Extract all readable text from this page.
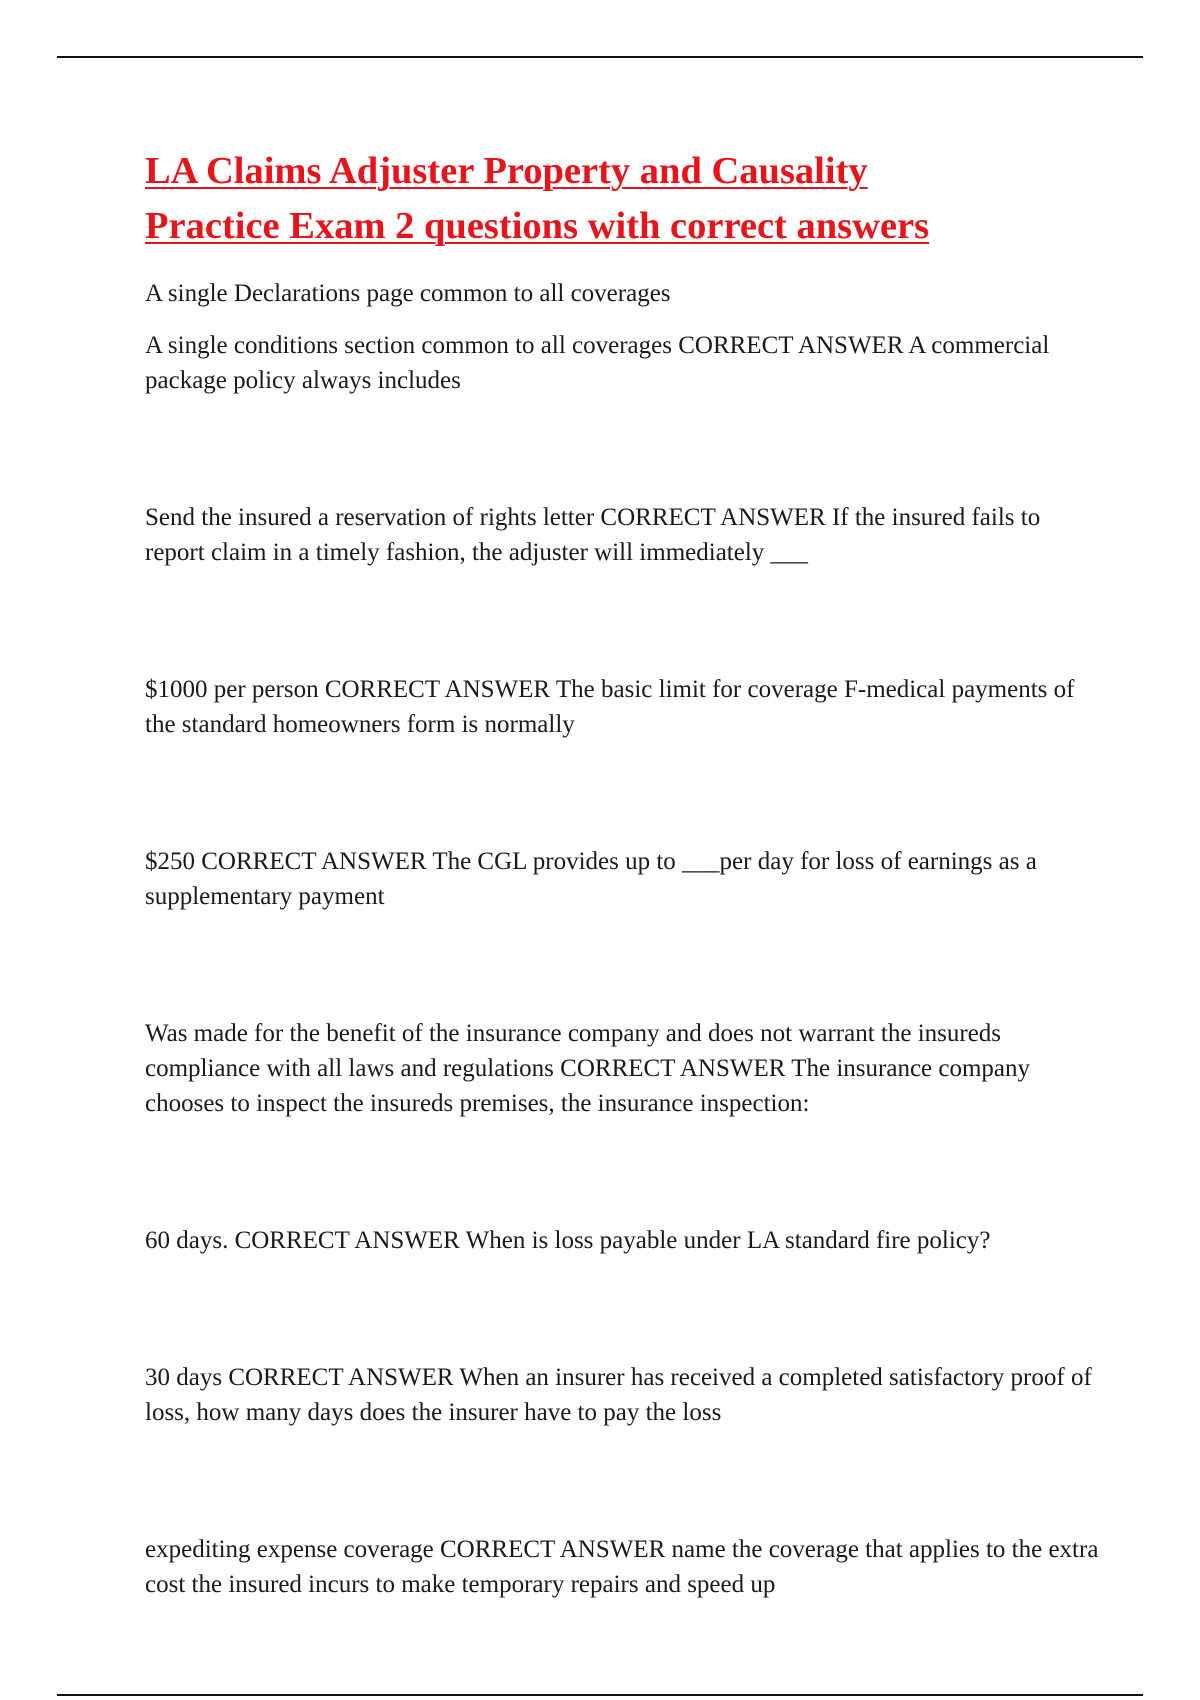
LA Claims Adjuster Property and Causality
Practice Exam 2 questions with correct answers

A single Declarations page common to all coverages

A single conditions section common to all coverages CORRECT ANSWER A commercial package policy always includes

Send the insured a reservation of rights letter CORRECT ANSWER If the insured fails to report claim in a timely fashion, the adjuster will immediately ___

$1000 per person CORRECT ANSWER The basic limit for coverage F-medical payments of the standard homeowners form is normally

$250 CORRECT ANSWER The CGL provides up to ___per day for loss of earnings as a supplementary payment

Was made for the benefit of the insurance company and does not warrant the insureds compliance with all laws and regulations CORRECT ANSWER The insurance company chooses to inspect the insureds premises, the insurance inspection:

60 days. CORRECT ANSWER When is loss payable under LA standard fire policy?

30 days CORRECT ANSWER When an insurer has received a completed satisfactory proof of loss, how many days does the insurer have to pay the loss

expediting expense coverage CORRECT ANSWER name the coverage that applies to the extra cost the insured incurs to make temporary repairs and speed up
